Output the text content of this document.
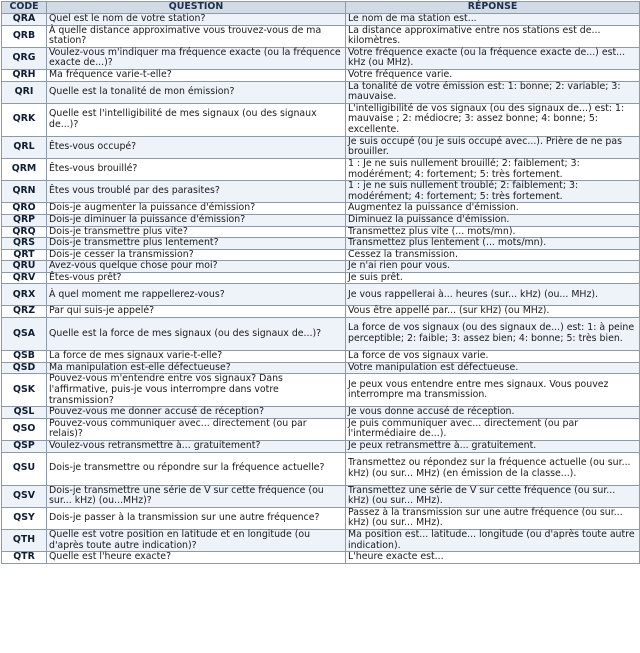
CODE	QUESTION	RÉPONSE
QRA	Quel est le nom de votre station?	Le nom de ma station est...
QRB	À quelle distance approximative vous trouvez-vous de ma station?	La distance approximative entre nos stations est de... kilomètres.
QRG	Voulez-vous m'indiquer ma fréquence exacte (ou la fréquence exacte de...)?	Votre fréquence exacte (ou la fréquence exacte de...) est... kHz (ou MHz).
QRH	Ma fréquence varie-t-elle?	Votre fréquence varie.
QRI	Quelle est la tonalité de mon émission?	La tonalité de votre émission est: 1: bonne; 2: variable; 3: mauvaise.
QRK	Quelle est l'intelligibilité de mes signaux (ou des signaux de...)?	L'intelligibilité de vos signaux (ou des signaux de...) est: 1: mauvaise ; 2: médiocre; 3: assez bonne; 4: bonne; 5: excellente.
QRL	Êtes-vous occupé?	Je suis occupé (ou je suis occupé avec...). Prière de ne pas brouiller.
QRM	Êtes-vous brouillé?	1 : Je ne suis nullement brouillé; 2: faiblement; 3: modérément; 4: fortement; 5: très fortement.
QRN	Êtes vous troublé par des parasites?	1 : je ne suis nullement troublé; 2: faiblement; 3: modérément; 4: fortement; 5: très fortement.
QRO	Dois-je augmenter la puissance d'émission?	Augmentez la puissance d'émission.
QRP	Dois-je diminuer la puissance d'émission?	Diminuez la puissance d'émission.
QRQ	Dois-je transmettre plus vite?	Transmettez plus vite (... mots/mn).
QRS	Dois-je transmettre plus lentement?	Transmettez plus lentement (... mots/mn).
QRT	Dois-je cesser la transmission?	Cessez la transmission.
QRU	Avez-vous quelque chose pour moi?	Je n'ai rien pour vous.
QRV	Êtes-vous prêt?	Je suis prêt.
QRX	À quel moment me rappellerez-vous?	Je vous rappellerai à... heures (sur... kHz) (ou... MHz).
QRZ	Par qui suis-je appelé?	Vous être appellé par... (sur kHz) (ou MHz).
QSA	Quelle est la force de mes signaux (ou des signaux de...)?	La force de vos signaux (ou des signaux de...) est: 1: à peine perceptible; 2: faible; 3: assez bien; 4: bonne; 5: très bien.
QSB	La force de mes signaux varie-t-elle?	La force de vos signaux varie.
QSD	Ma manipulation est-elle défectueuse?	Votre manipulation est défectueuse.
QSK	Pouvez-vous m'entendre entre vos signaux? Dans l'affirmative, puis-je vous interrompre dans votre transmission?	Je peux vous entendre entre mes signaux. Vous pouvez interrompre ma transmission.
QSL	Pouvez-vous me donner accusé de réception?	Je vous donne accusé de réception.
QSO	Pouvez-vous communiquer avec... directement (ou par relais)?	Je puis communiquer avec... directement (ou par l'intermédiaire de...).
QSP	Voulez-vous retransmettre à... gratuitement?	Je peux retransmettre à... gratuitement.
QSU	Dois-je transmettre ou répondre sur la fréquence actuelle?	Transmettez ou répondez sur la fréquence actuelle (ou sur... kHz) (ou sur... MHz) (en émission de la classe...).
QSV	Dois-je transmettre une série de V sur cette fréquence (ou sur... kHz) (ou...MHz)?	Transmettez une série de V sur cette fréquence (ou sur... kHz) (ou sur... MHz).
QSY	Dois-je passer à la transmission sur une autre fréquence?	Passez à la transmission sur une autre fréquence (ou sur... kHz) (ou sur... MHz).
QTH	Quelle est votre position en latitude et en longitude (ou d'après toute autre indication)?	Ma position est... latitude... longitude (ou d'après toute autre indication).
QTR	Quelle est l'heure exacte?	L'heure exacte est...
